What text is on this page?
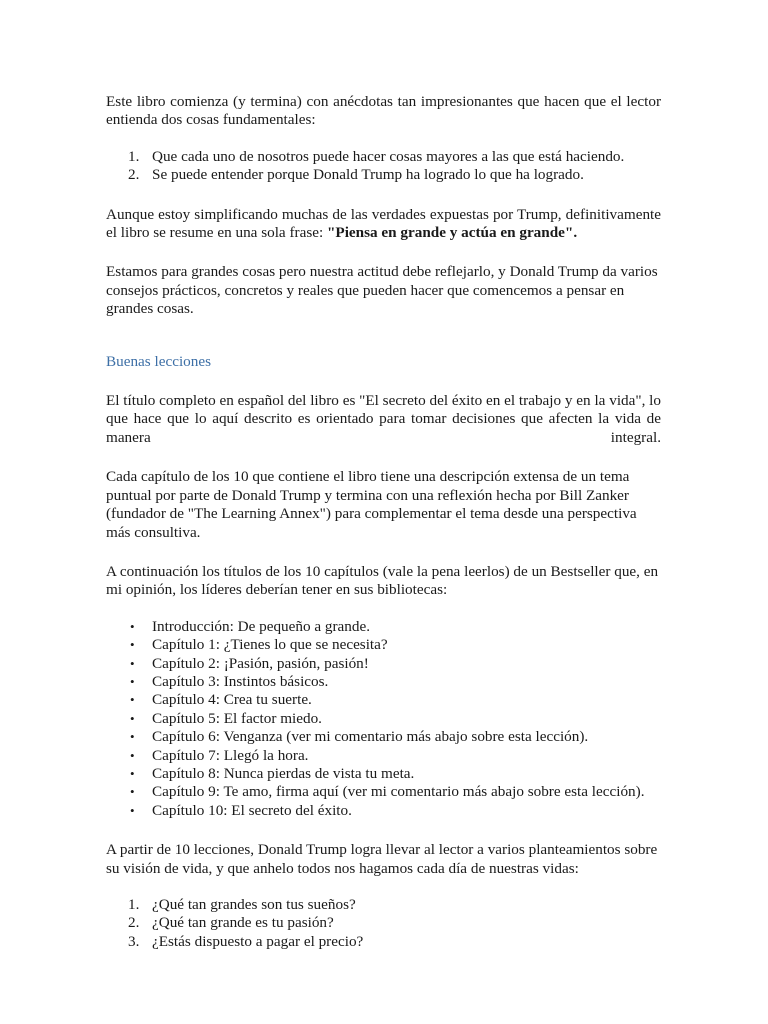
Este libro comienza (y termina) con anécdotas tan impresionantes que hacen que el lector entienda dos cosas fundamentales:

1. Que cada uno de nosotros puede hacer cosas mayores a las que está haciendo.
2. Se puede entender porque Donald Trump ha logrado lo que ha logrado.

Aunque estoy simplificando muchas de las verdades expuestas por Trump, definitivamente el libro se resume en una sola frase: "Piensa en grande y actúa en grande".

Estamos para grandes cosas pero nuestra actitud debe reflejarlo, y Donald Trump da varios consejos prácticos, concretos y reales que pueden hacer que comencemos a pensar en grandes cosas.

Buenas lecciones

El título completo en español del libro es "El secreto del éxito en el trabajo y en la vida", lo que hace que lo aquí descrito es orientado para tomar decisiones que afecten la vida de manera integral.

Cada capítulo de los 10 que contiene el libro tiene una descripción extensa de un tema puntual por parte de Donald Trump y termina con una reflexión hecha por Bill Zanker (fundador de "The Learning Annex") para complementar el tema desde una perspectiva más consultiva.

A continuación los títulos de los 10 capítulos (vale la pena leerlos) de un Bestseller que, en mi opinión, los líderes deberían tener en sus bibliotecas:

• Introducción: De pequeño a grande.
• Capítulo 1: ¿Tienes lo que se necesita?
• Capítulo 2: ¡Pasión, pasión, pasión!
• Capítulo 3: Instintos básicos.
• Capítulo 4: Crea tu suerte.
• Capítulo 5: El factor miedo.
• Capítulo 6: Venganza (ver mi comentario más abajo sobre esta lección).
• Capítulo 7: Llegó la hora.
• Capítulo 8: Nunca pierdas de vista tu meta.
• Capítulo 9: Te amo, firma aquí (ver mi comentario más abajo sobre esta lección).
• Capítulo 10: El secreto del éxito.

A partir de 10 lecciones, Donald Trump logra llevar al lector a varios planteamientos sobre su visión de vida, y que anhelo todos nos hagamos cada día de nuestras vidas:

1. ¿Qué tan grandes son tus sueños?
2. ¿Qué tan grande es tu pasión?
3. ¿Estás dispuesto a pagar el precio?
